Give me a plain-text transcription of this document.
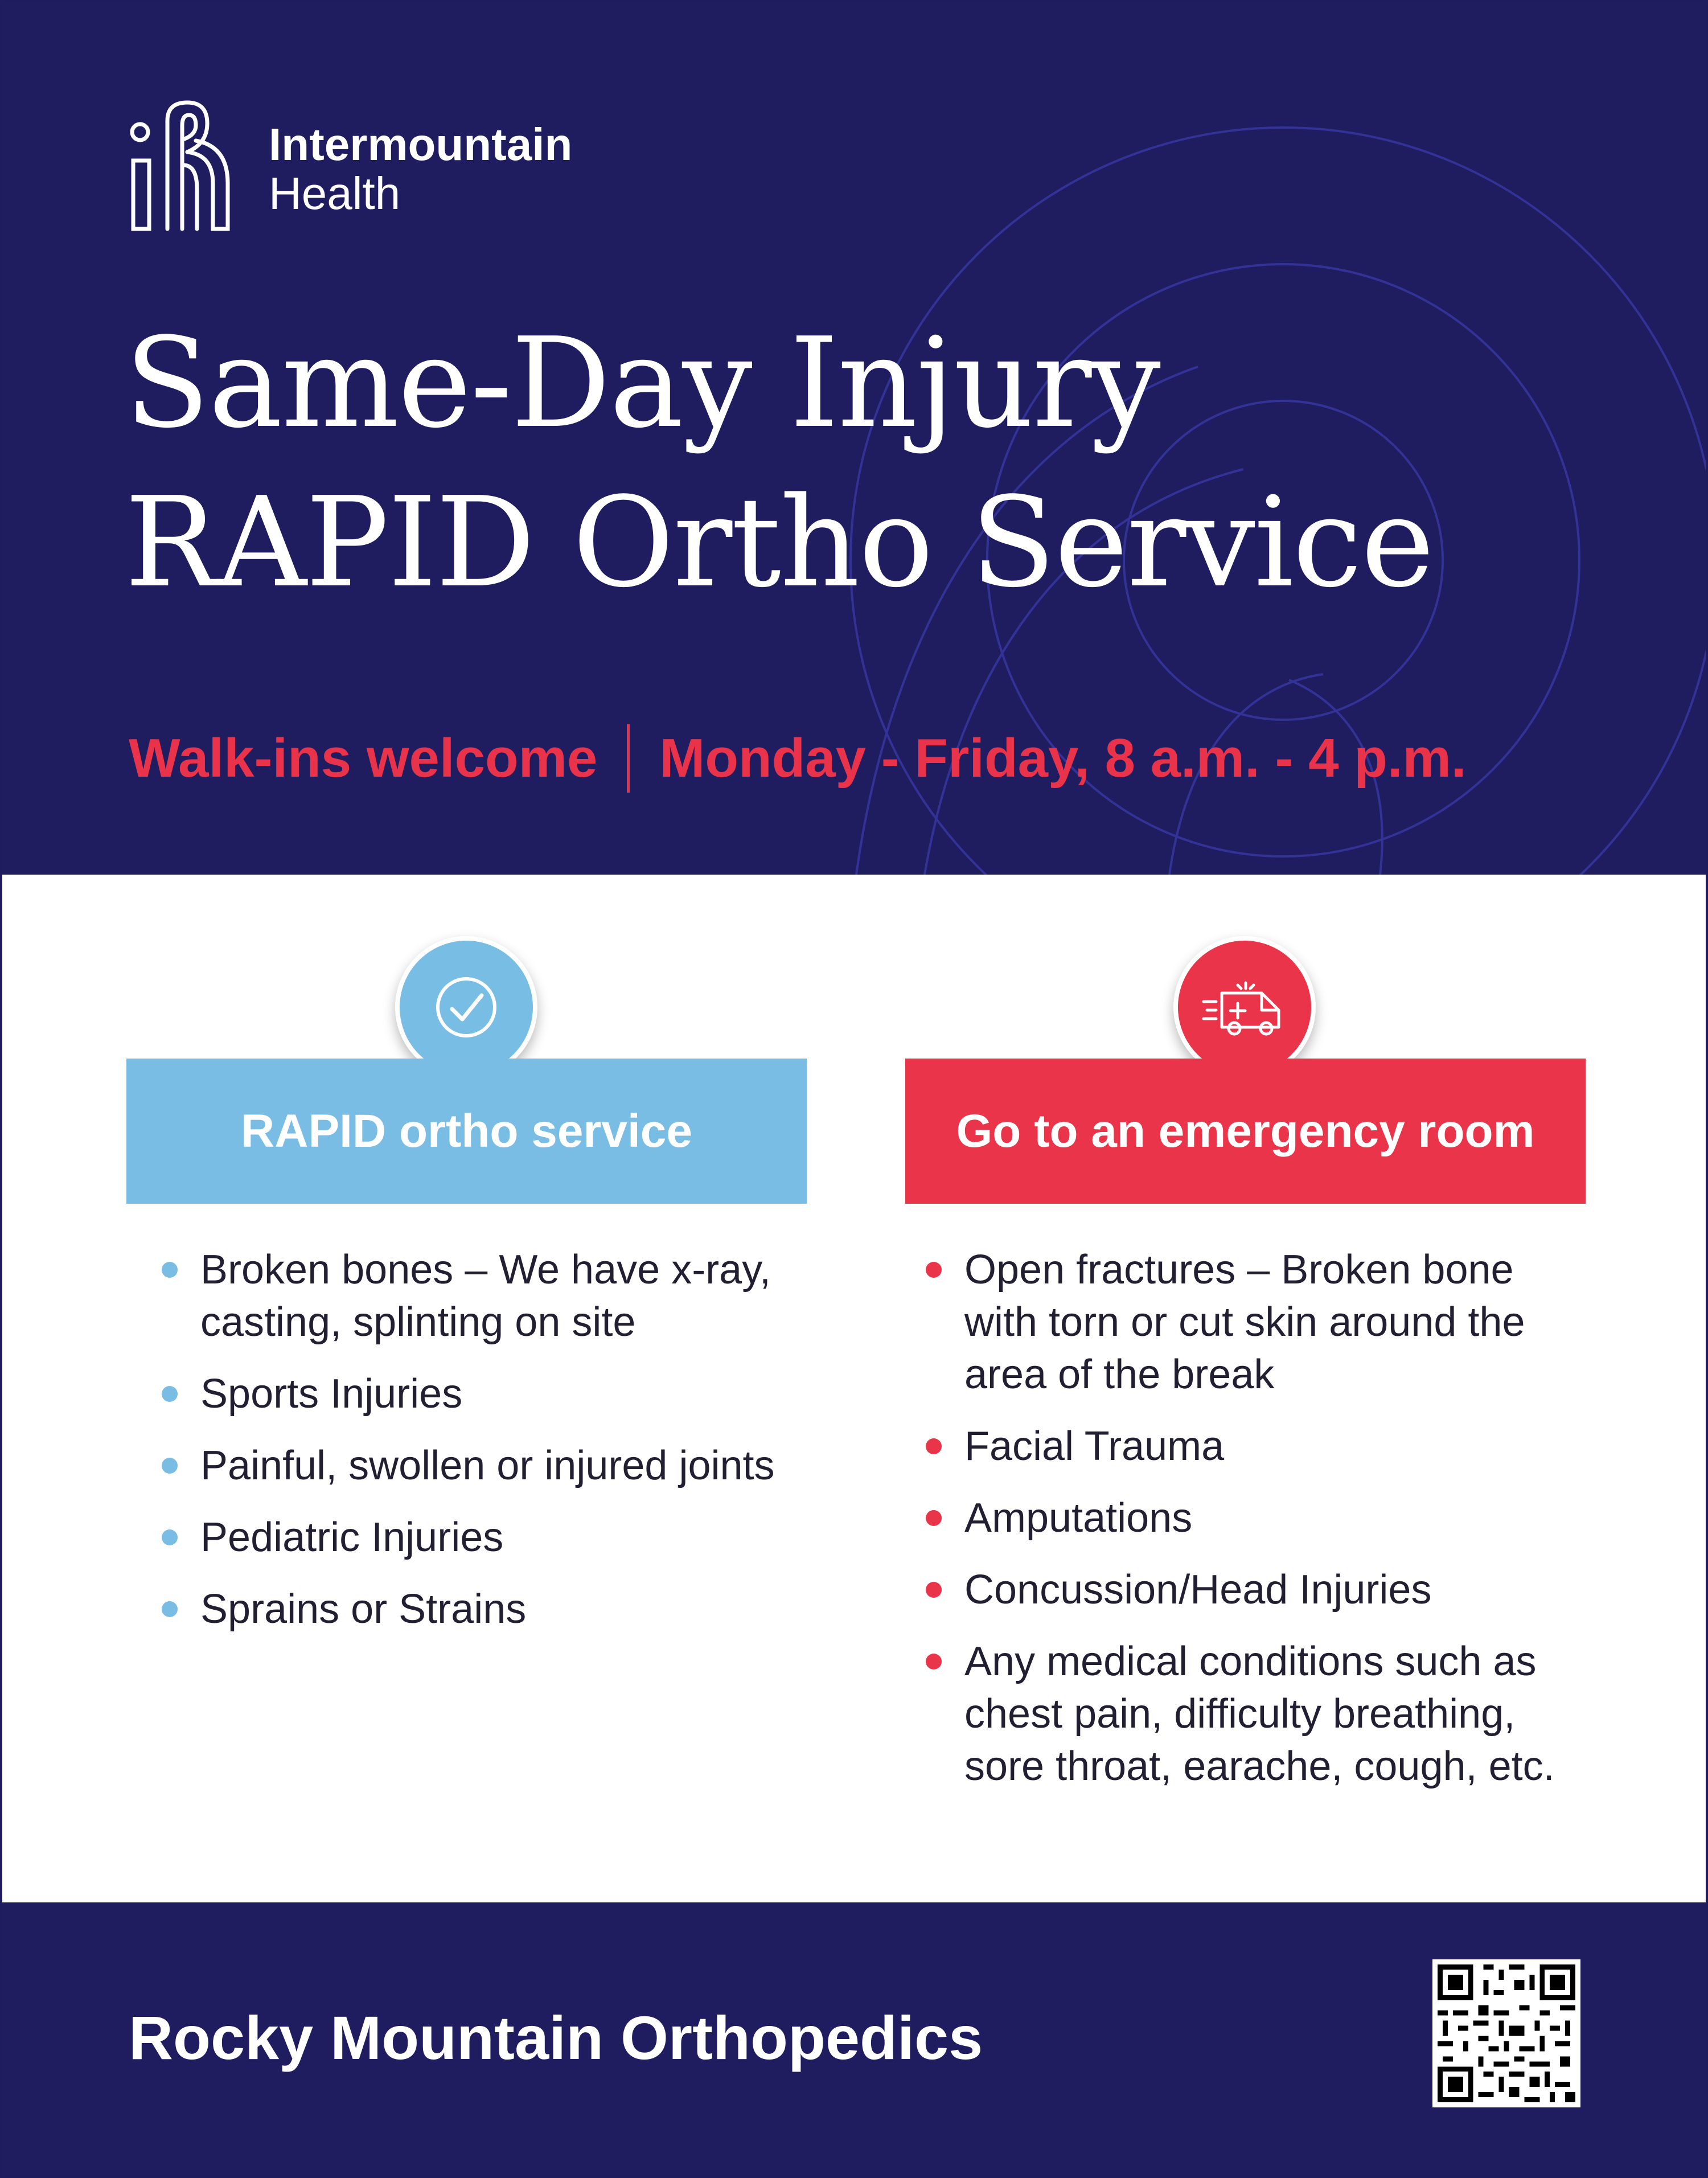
Intermountain
Health
Same-Day Injury
RAPID Ortho Service
Walk-ins welcome Monday - Friday, 8 a.m. - 4 p.m.
RAPID ortho service	Go to an emergency room
Broken bones – We have x-ray, casting, splinting on site
Sports Injuries
Painful, swollen or injured joints
Pediatric Injuries
Sprains or Strains
Open fractures – Broken bone with torn or cut skin around the area of the break
Facial Trauma
Amputations
Concussion/Head Injuries
Any medical conditions such as chest pain, difficulty breathing, sore throat, earache, cough, etc.
Rocky Mountain Orthopedics
